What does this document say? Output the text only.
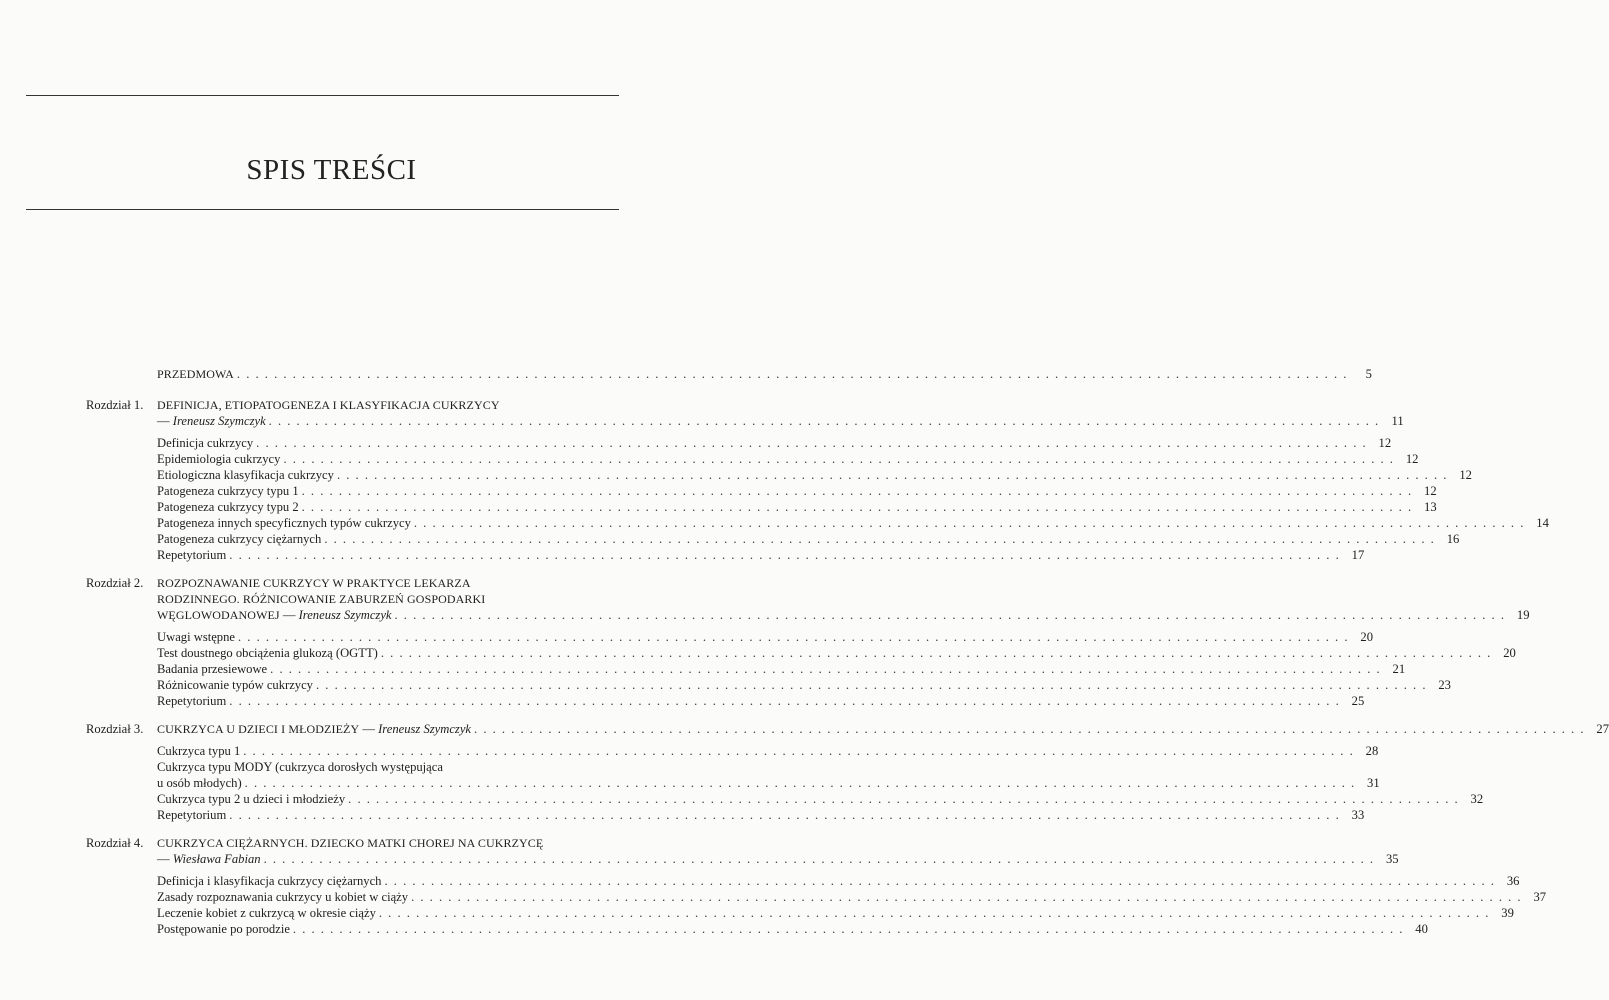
SPIS TREŚCI
PRZEDMOWA . . . . . . . . . . . . . . . . . . . . . . . . . . . . . . . . . . . . . . . . . . . . . . . . . . . . . . . . . . . . . . . . . . . . . . . . . . . . . . . . . . . . . . . . . . . . . . . . . . . . . . . . . . . . . . . . . . . . . . . .	5
Rozdział 1. DEFINICJA, ETIOPATOGENEZA I KLASYFIKACJA CUKRZYCY
— Ireneusz Szymczyk . . . . . . . . . . . . . . . . . . . . . . . . . . . . . . . . . . . . . . . . . . . . . . . . . . . . . . . . . . . . . . . . . . . . . . . . . . . . . . . . . . . . . . . . . . . . . . . . . . . . . . . . . . . . . . . . . . . . . . . . 11
Definicja cukrzycy . . . . . . . . . . . . . . . . . . . . . . . . . . . . . . . . . . . . . . . . . . . . . . . . . . . . . . . . . . . . . . . . . . . . . . . . . . . . . . . . . . . . . . . . . . . . . . . . . . . . . . . . . . . . . . . . . . . . . . . . 12
Epidemiologia cukrzycy . . . . . . . . . . . . . . . . . . . . . . . . . . . . . . . . . . . . . . . . . . . . . . . . . . . . . . . . . . . . . . . . . . . . . . . . . . . . . . . . . . . . . . . . . . . . . . . . . . . . . . . . . . . . . . . . . . . . . . . . 12
Etiologiczna klasyfikacja cukrzycy . . . . . . . . . . . . . . . . . . . . . . . . . . . . . . . . . . . . . . . . . . . . . . . . . . . . . . . . . . . . . . . . . . . . . . . . . . . . . . . . . . . . . . . . . . . . . . . . . . . . . . . . . . . . . . . . . . . . . . . . 12
Patogeneza cukrzycy typu 1 . . . . . . . . . . . . . . . . . . . . . . . . . . . . . . . . . . . . . . . . . . . . . . . . . . . . . . . . . . . . . . . . . . . . . . . . . . . . . . . . . . . . . . . . . . . . . . . . . . . . . . . . . . . . . . . . . . . . . . . . 12
Patogeneza cukrzycy typu 2 . . . . . . . . . . . . . . . . . . . . . . . . . . . . . . . . . . . . . . . . . . . . . . . . . . . . . . . . . . . . . . . . . . . . . . . . . . . . . . . . . . . . . . . . . . . . . . . . . . . . . . . . . . . . . . . . . . . . . . . . 13
Patogeneza innych specyficznych typów cukrzycy . . . . . . . . . . . . . . . . . . . . . . . . . . . . . . . . . . . . . . . . . . . . . . . . . . . . . . . . . . . . . . . . . . . . . . . . . . . . . . . . . . . . . . . . . . . . . . . . . . . . . . . . . . . . . . . . . . . . . . . . 14
Patogeneza cukrzycy ciężarnych . . . . . . . . . . . . . . . . . . . . . . . . . . . . . . . . . . . . . . . . . . . . . . . . . . . . . . . . . . . . . . . . . . . . . . . . . . . . . . . . . . . . . . . . . . . . . . . . . . . . . . . . . . . . . . . . . . . . . . . . 16
Repetytorium . . . . . . . . . . . . . . . . . . . . . . . . . . . . . . . . . . . . . . . . . . . . . . . . . . . . . . . . . . . . . . . . . . . . . . . . . . . . . . . . . . . . . . . . . . . . . . . . . . . . . . . . . . . . . . . . . . . . . . . . 17
Rozdział 2. ROZPOZNAWANIE CUKRZYCY W PRAKTYCE LEKARZA
RODZINNEGO. RÓŻNICOWANIE ZABURZEŃ GOSPODARKI
WĘGLOWODANOWEJ — Ireneusz Szymczyk . . . . . . . . . . . . . . . . . . . . . . . . . . . . . . . . . . . . . . . . . . . . . . . . . . . . . . . . . . . . . . . . . . . . . . . . . . . . . . . . . . . . . . . . . . . . . . . . . . . . . . . . . . . . . . . . . . . . . . . . 19
Uwagi wstępne . . . . . . . . . . . . . . . . . . . . . . . . . . . . . . . . . . . . . . . . . . . . . . . . . . . . . . . . . . . . . . . . . . . . . . . . . . . . . . . . . . . . . . . . . . . . . . . . . . . . . . . . . . . . . . . . . . . . . . . . 20
Test doustnego obciążenia glukozą (OGTT) . . . . . . . . . . . . . . . . . . . . . . . . . . . . . . . . . . . . . . . . . . . . . . . . . . . . . . . . . . . . . . . . . . . . . . . . . . . . . . . . . . . . . . . . . . . . . . . . . . . . . . . . . . . . . . . . . . . . . . . . 20
Badania przesiewowe . . . . . . . . . . . . . . . . . . . . . . . . . . . . . . . . . . . . . . . . . . . . . . . . . . . . . . . . . . . . . . . . . . . . . . . . . . . . . . . . . . . . . . . . . . . . . . . . . . . . . . . . . . . . . . . . . . . . . . . . 21
Różnicowanie typów cukrzycy . . . . . . . . . . . . . . . . . . . . . . . . . . . . . . . . . . . . . . . . . . . . . . . . . . . . . . . . . . . . . . . . . . . . . . . . . . . . . . . . . . . . . . . . . . . . . . . . . . . . . . . . . . . . . . . . . . . . . . . . 23
Repetytorium . . . . . . . . . . . . . . . . . . . . . . . . . . . . . . . . . . . . . . . . . . . . . . . . . . . . . . . . . . . . . . . . . . . . . . . . . . . . . . . . . . . . . . . . . . . . . . . . . . . . . . . . . . . . . . . . . . . . . . . . 25
Rozdział 3. CUKRZYCA U DZIECI I MŁODZIEŻY — Ireneusz Szymczyk . . . . . . . . . . . . . . . . . . . . . . . . . . . . . . . . . . . . . . . . . . . . . . . . . . . . . . . . . . . . . . . . . . . . . . . . . . . . . . . . . . . . . . . . . . . . . . . . . . . . . . . . . . . . . . . . . . . . . . . . 27
Cukrzyca typu 1 . . . . . . . . . . . . . . . . . . . . . . . . . . . . . . . . . . . . . . . . . . . . . . . . . . . . . . . . . . . . . . . . . . . . . . . . . . . . . . . . . . . . . . . . . . . . . . . . . . . . . . . . . . . . . . . . . . . . . . . . 28
Cukrzyca typu MODY (cukrzyca dorosłych występująca
u osób młodych) . . . . . . . . . . . . . . . . . . . . . . . . . . . . . . . . . . . . . . . . . . . . . . . . . . . . . . . . . . . . . . . . . . . . . . . . . . . . . . . . . . . . . . . . . . . . . . . . . . . . . . . . . . . . . . . . . . . . . . . . 31
Cukrzyca typu 2 u dzieci i młodzieży . . . . . . . . . . . . . . . . . . . . . . . . . . . . . . . . . . . . . . . . . . . . . . . . . . . . . . . . . . . . . . . . . . . . . . . . . . . . . . . . . . . . . . . . . . . . . . . . . . . . . . . . . . . . . . . . . . . . . . . . 32
Repetytorium . . . . . . . . . . . . . . . . . . . . . . . . . . . . . . . . . . . . . . . . . . . . . . . . . . . . . . . . . . . . . . . . . . . . . . . . . . . . . . . . . . . . . . . . . . . . . . . . . . . . . . . . . . . . . . . . . . . . . . . . 33
Rozdział 4. CUKRZYCA CIĘŻARNYCH. DZIECKO MATKI CHOREJ NA CUKRZYCĘ
— Wiesława Fabian . . . . . . . . . . . . . . . . . . . . . . . . . . . . . . . . . . . . . . . . . . . . . . . . . . . . . . . . . . . . . . . . . . . . . . . . . . . . . . . . . . . . . . . . . . . . . . . . . . . . . . . . . . . . . . . . . . . . . . . . 35
Definicja i klasyfikacja cukrzycy ciężarnych . . . . . . . . . . . . . . . . . . . . . . . . . . . . . . . . . . . . . . . . . . . . . . . . . . . . . . . . . . . . . . . . . . . . . . . . . . . . . . . . . . . . . . . . . . . . . . . . . . . . . . . . . . . . . . . . . . . . . . . . 36
Zasady rozpoznawania cukrzycy u kobiet w ciąży . . . . . . . . . . . . . . . . . . . . . . . . . . . . . . . . . . . . . . . . . . . . . . . . . . . . . . . . . . . . . . . . . . . . . . . . . . . . . . . . . . . . . . . . . . . . . . . . . . . . . . . . . . . . . . . . . . . . . . . . 37
Leczenie kobiet z cukrzycą w okresie ciąży . . . . . . . . . . . . . . . . . . . . . . . . . . . . . . . . . . . . . . . . . . . . . . . . . . . . . . . . . . . . . . . . . . . . . . . . . . . . . . . . . . . . . . . . . . . . . . . . . . . . . . . . . . . . . . . . . . . . . . . . 39
Postępowanie po porodzie . . . . . . . . . . . . . . . . . . . . . . . . . . . . . . . . . . . . . . . . . . . . . . . . . . . . . . . . . . . . . . . . . . . . . . . . . . . . . . . . . . . . . . . . . . . . . . . . . . . . . . . . . . . . . . . . . . . . . . . . 40
